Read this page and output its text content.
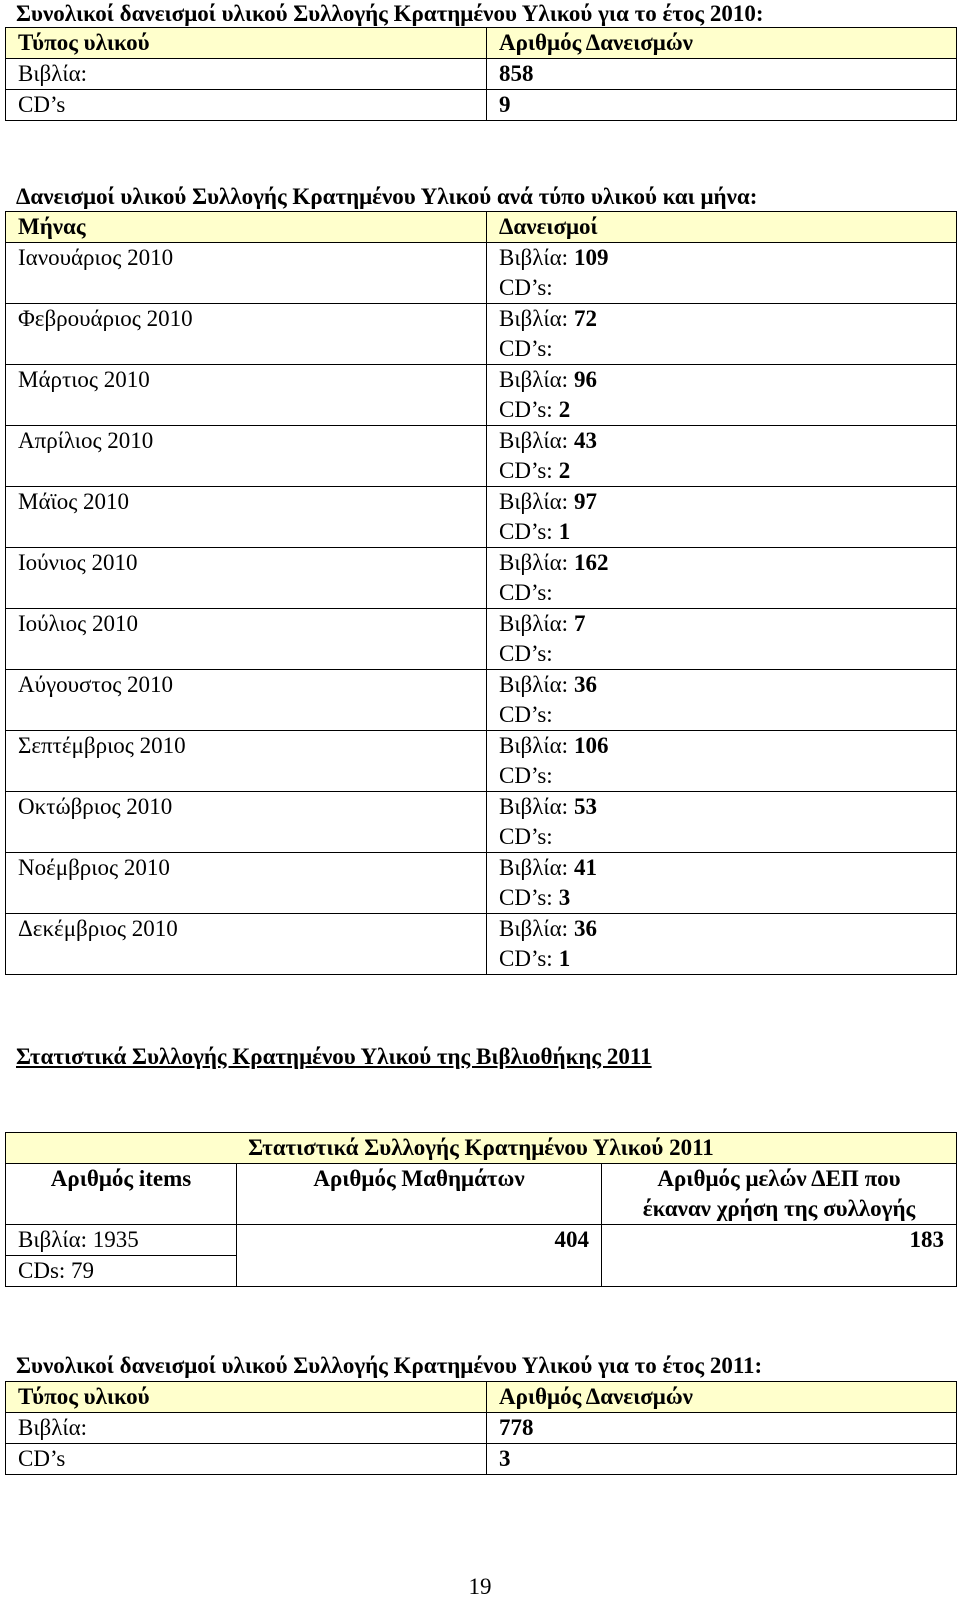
Συνολικοί δανεισμοί υλικού Συλλογής Κρατημένου Υλικού για το έτος 2010:
Τύπος υλικού	Αριθμός Δανεισμών
Βιβλία:	858
CD’s	9
Δανεισμοί υλικού Συλλογής Κρατημένου Υλικού ανά τύπο υλικού και μήνα:
Μήνας	Δανεισμοί
Ιανουάριος 2010	Βιβλία: 109
CD’s:

Φεβρουάριος 2010	Βιβλία: 72
CD’s:

Μάρτιος 2010	Βιβλία: 96
CD’s: 2

Απρίλιος 2010	Βιβλία: 43
CD’s: 2

Μάϊος 2010	Βιβλία: 97
CD’s: 1

Ιούνιος 2010	Βιβλία: 162
CD’s:

Ιούλιος 2010	Βιβλία: 7
CD’s:

Αύγουστος 2010	Βιβλία: 36
CD’s:

Σεπτέμβριος 2010	Βιβλία: 106
CD’s:

Οκτώβριος 2010	Βιβλία: 53
CD’s:

Νοέμβριος 2010	Βιβλία: 41
CD’s: 3

Δεκέμβριος 2010	Βιβλία: 36
CD’s: 1
Στατιστικά Συλλογής Κρατημένου Υλικού της Βιβλιοθήκης 2011
Στατιστικά Συλλογής Κρατημένου Υλικού 2011		
Αριθμός items	Αριθμός Μαθημάτων	Αριθμός μελών ΔΕΠ που έκαναν χρήση της συλλογής
Βιβλία: 1935	404	183
CDs: 79		
Συνολικοί δανεισμοί υλικού Συλλογής Κρατημένου Υλικού για το έτος 2011:
Τύπος υλικού	Αριθμός Δανεισμών
Βιβλία:	778
CD’s	3
19
